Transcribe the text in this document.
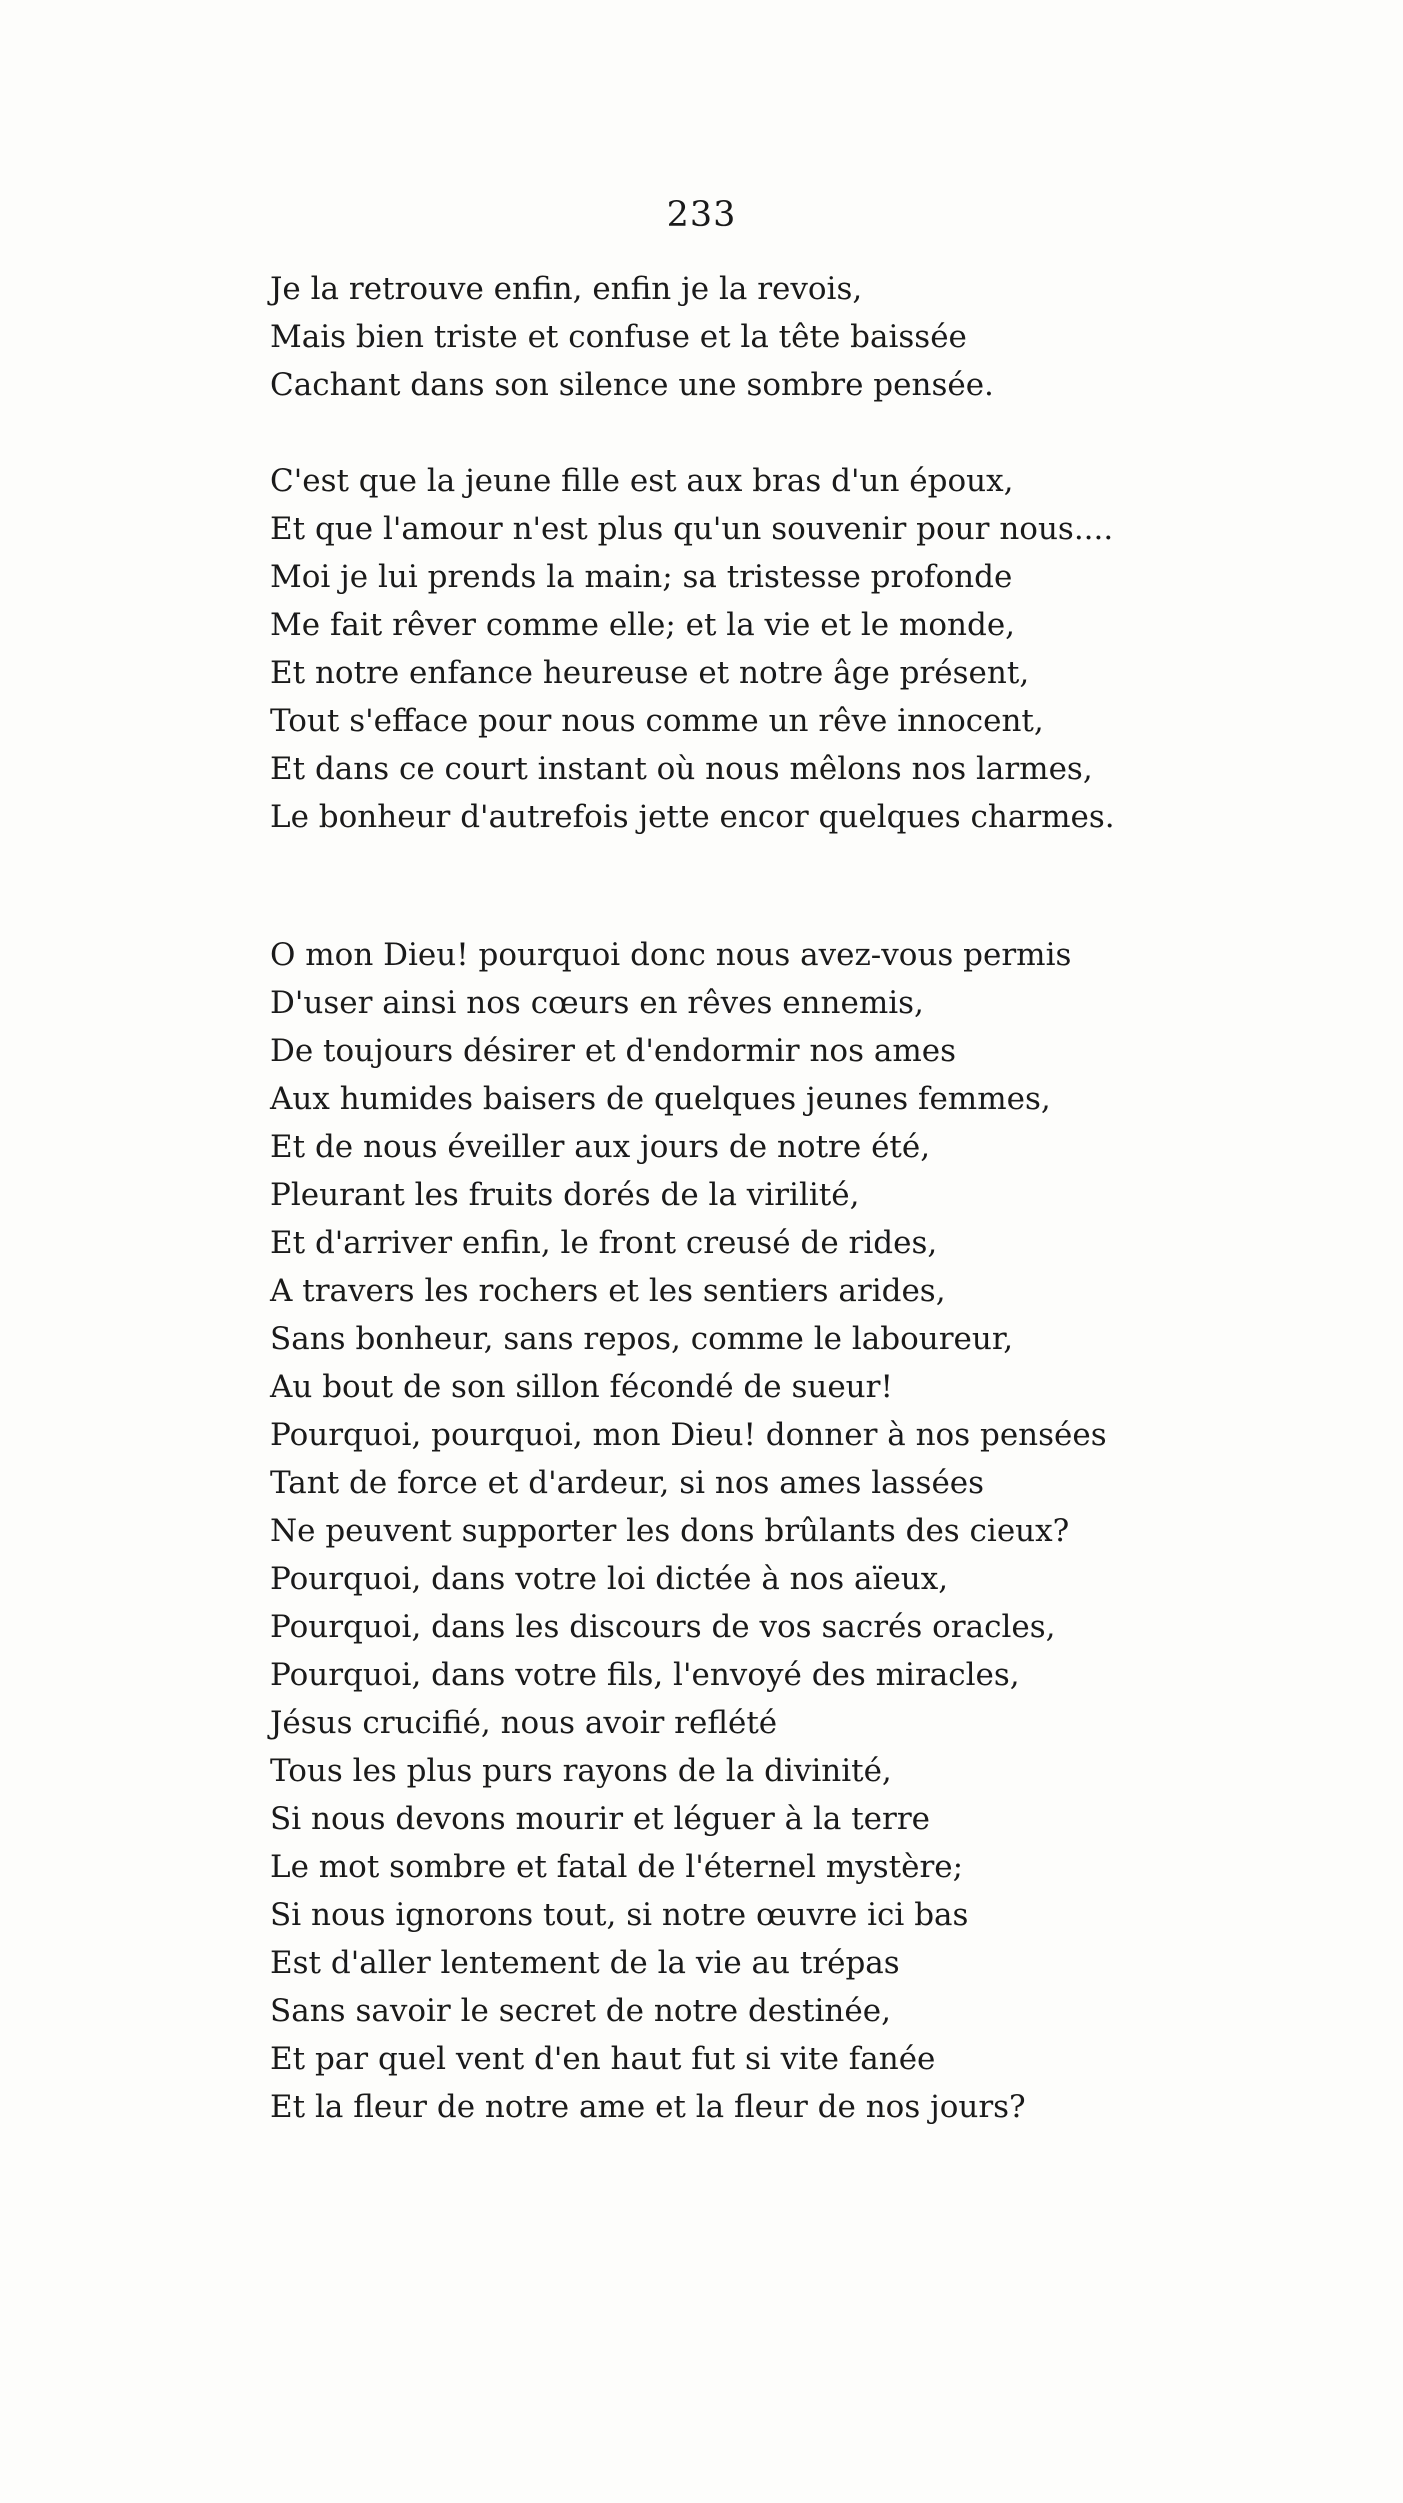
233
Je la retrouve enfin, enfin je la revois,
Mais bien triste et confuse et la tête baissée
Cachant dans son silence une sombre pensée.
C'est que la jeune fille est aux bras d'un époux,
Et que l'amour n'est plus qu'un souvenir pour nous....
Moi je lui prends la main; sa tristesse profonde
Me fait rêver comme elle; et la vie et le monde,
Et notre enfance heureuse et notre âge présent,
Tout s'efface pour nous comme un rêve innocent,
Et dans ce court instant où nous mêlons nos larmes,
Le bonheur d'autrefois jette encor quelques charmes.
O mon Dieu! pourquoi donc nous avez-vous permis
D'user ainsi nos cœurs en rêves ennemis,
De toujours désirer et d'endormir nos ames
Aux humides baisers de quelques jeunes femmes,
Et de nous éveiller aux jours de notre été,
Pleurant les fruits dorés de la virilité,
Et d'arriver enfin, le front creusé de rides,
A travers les rochers et les sentiers arides,
Sans bonheur, sans repos, comme le laboureur,
Au bout de son sillon fécondé de sueur!
Pourquoi, pourquoi, mon Dieu! donner à nos pensées
Tant de force et d'ardeur, si nos ames lassées
Ne peuvent supporter les dons brûlants des cieux?
Pourquoi, dans votre loi dictée à nos aïeux,
Pourquoi, dans les discours de vos sacrés oracles,
Pourquoi, dans votre fils, l'envoyé des miracles,
Jésus crucifié, nous avoir reflété
Tous les plus purs rayons de la divinité,
Si nous devons mourir et léguer à la terre
Le mot sombre et fatal de l'éternel mystère;
Si nous ignorons tout, si notre œuvre ici bas
Est d'aller lentement de la vie au trépas
Sans savoir le secret de notre destinée,
Et par quel vent d'en haut fut si vite fanée
Et la fleur de notre ame et la fleur de nos jours?
